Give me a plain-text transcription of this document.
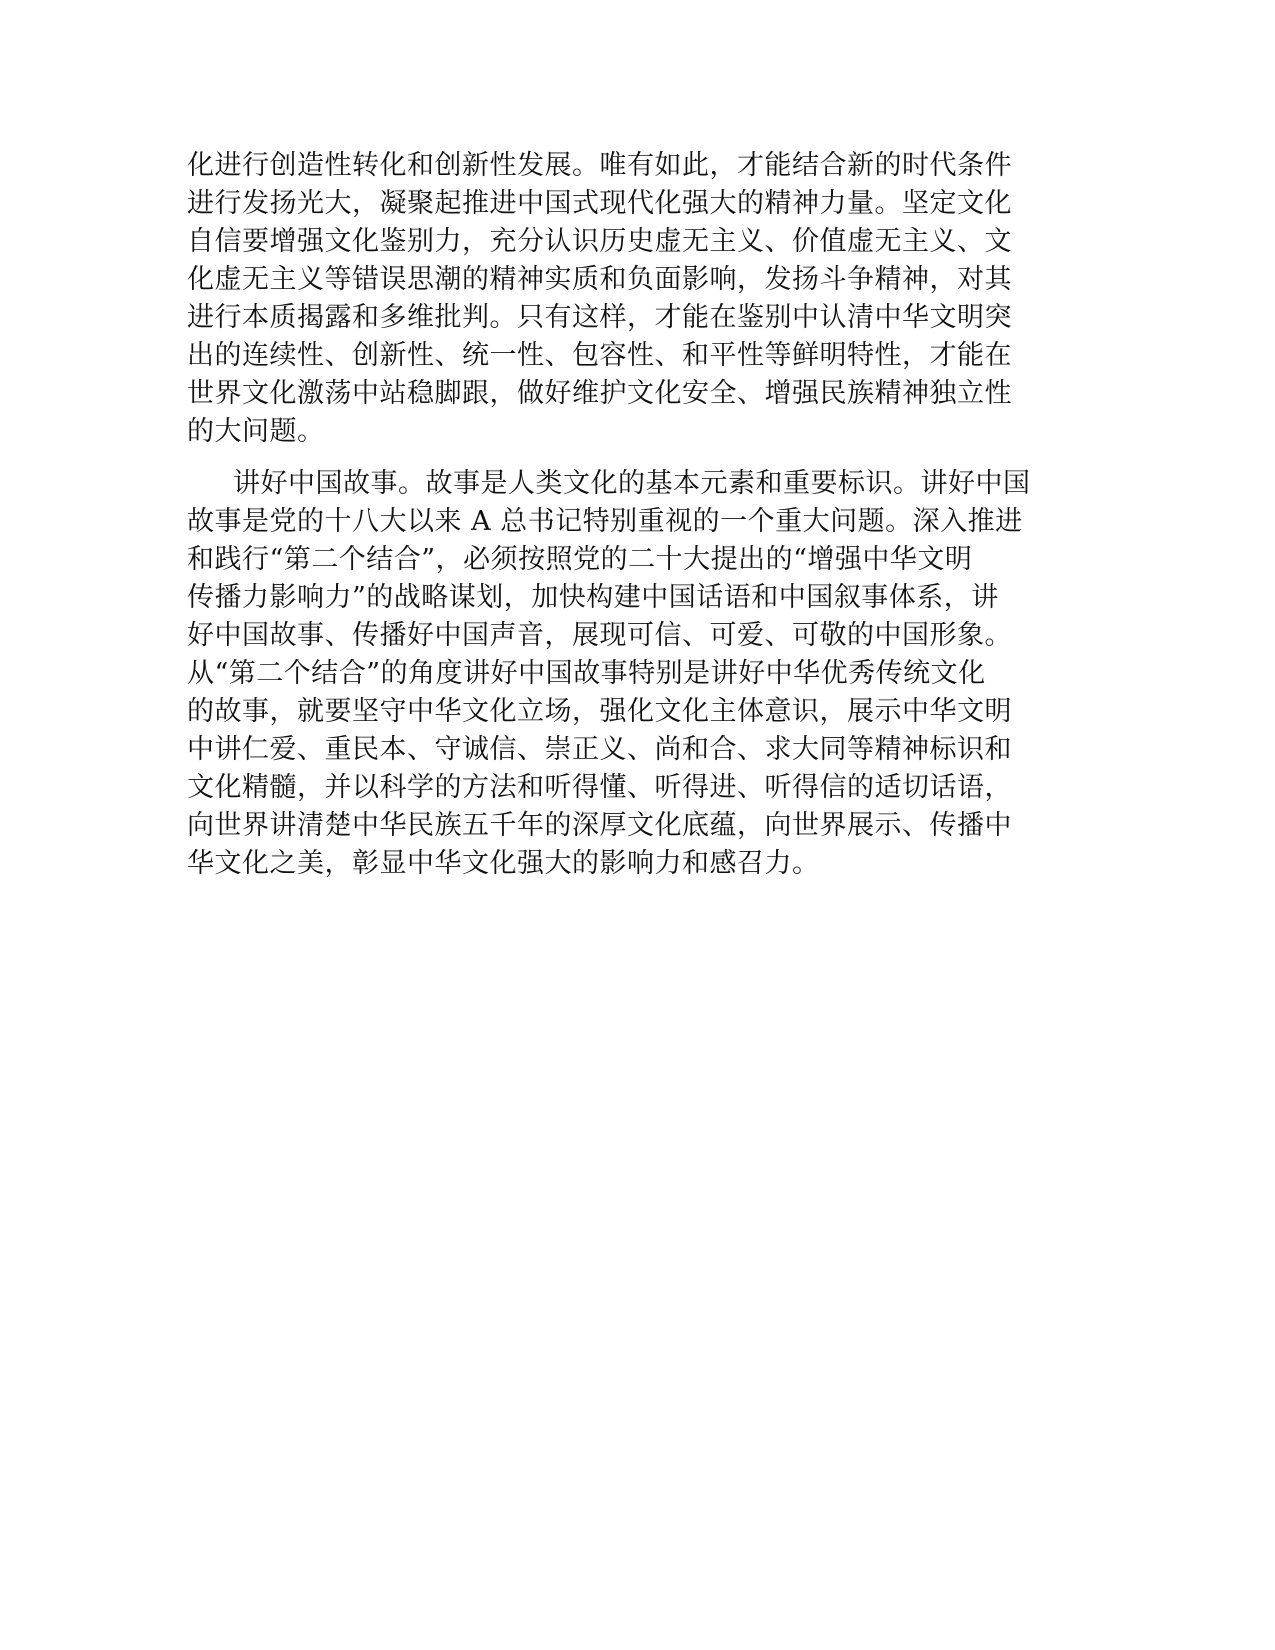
化进行创造性转化和创新性发展。唯有如此，才能结合新的时代条件
进行发扬光大，凝聚起推进中国式现代化强大的精神力量。坚定文化
自信要增强文化鉴别力，充分认识历史虚无主义、价值虚无主义、文
化虚无主义等错误思潮的精神实质和负面影响，发扬斗争精神，对其
进行本质揭露和多维批判。只有这样，才能在鉴别中认清中华文明突
出的连续性、创新性、统一性、包容性、和平性等鲜明特性，才能在
世界文化激荡中站稳脚跟，做好维护文化安全、增强民族精神独立性
的大问题。
讲好中国故事。故事是人类文化的基本元素和重要标识。讲好中国
故事是党的十八大以来 A 总书记特别重视的一个重大问题。深入推进
和践行“第二个结合”，必须按照党的二十大提出的“增强中华文明
传播力影响力”的战略谋划，加快构建中国话语和中国叙事体系，讲
好中国故事、传播好中国声音，展现可信、可爱、可敬的中国形象。
从“第二个结合”的角度讲好中国故事特别是讲好中华优秀传统文化
的故事，就要坚守中华文化立场，强化文化主体意识，展示中华文明
中讲仁爱、重民本、守诚信、崇正义、尚和合、求大同等精神标识和
文化精髓，并以科学的方法和听得懂、听得进、听得信的适切话语，
向世界讲清楚中华民族五千年的深厚文化底蕴，向世界展示、传播中
华文化之美，彰显中华文化强大的影响力和感召力。
